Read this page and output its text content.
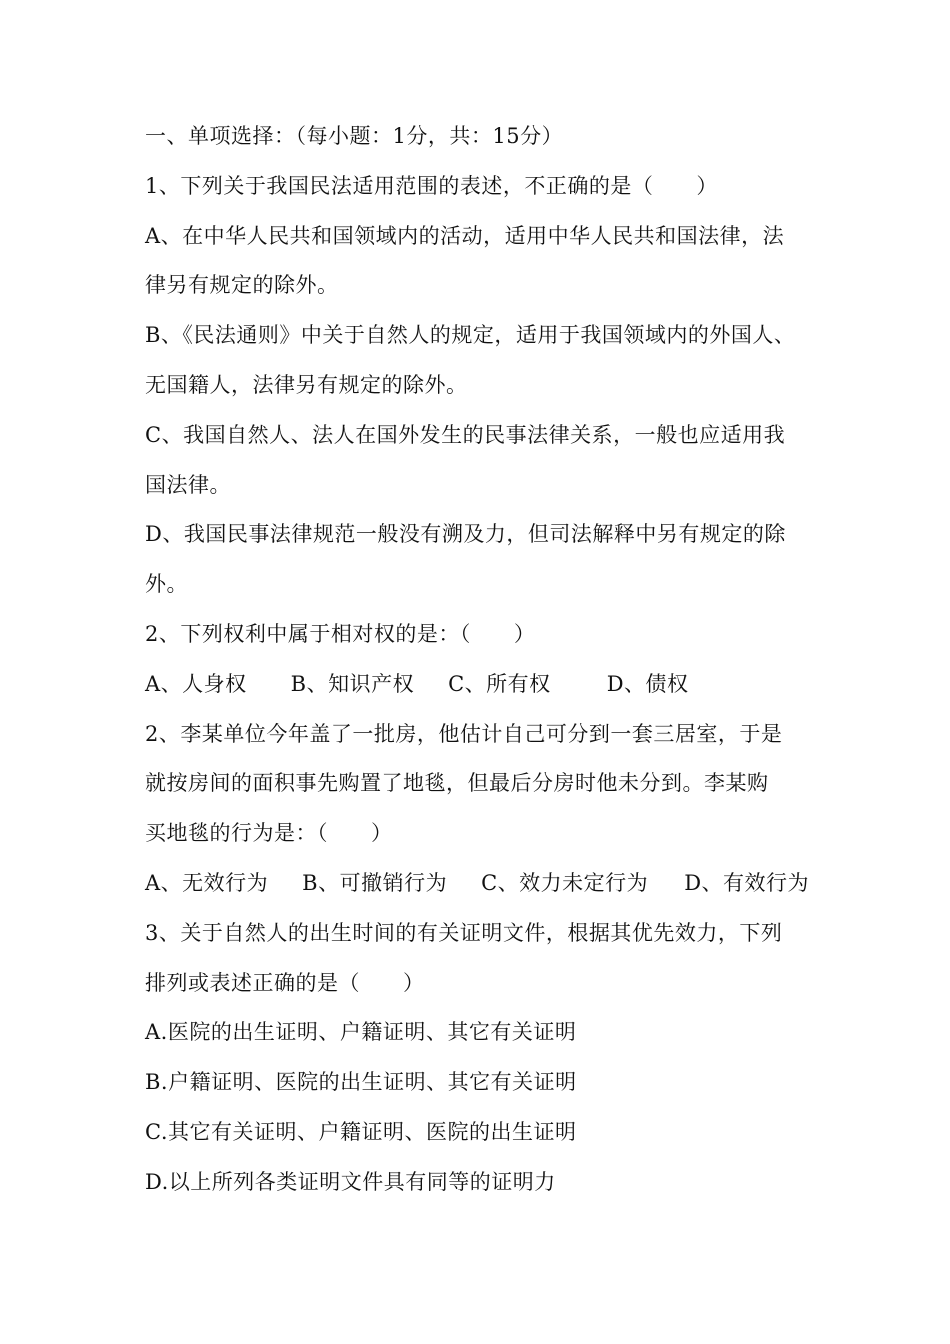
一、单项选择：（每小题：1分，共：15分）
1、下列关于我国民法适用范围的表述，不正确的是（　　）
A、在中华人民共和国领域内的活动，适用中华人民共和国法律，法
律另有规定的除外。
B、《民法通则》中关于自然人的规定，适用于我国领域内的外国人、
无国籍人，法律另有规定的除外。
C、我国自然人、法人在国外发生的民事法律关系，一般也应适用我
国法律。
D、我国民事法律规范一般没有溯及力，但司法解释中另有规定的除
外。
2、下列权利中属于相对权的是：（　　）
A、人身权 B、知识产权 C、所有权	D、债权
2、李某单位今年盖了一批房，他估计自己可分到一套三居室，于是
就按房间的面积事先购置了地毯，但最后分房时他未分到。李某购
买地毯的行为是：（　　）
A、无效行为 B、可撤销行为 C、效力未定行为 D、有效行为
3、关于自然人的出生时间的有关证明文件，根据其优先效力，下列
排列或表述正确的是（　　）
A.医院的出生证明、户籍证明、其它有关证明
B.户籍证明、医院的出生证明、其它有关证明
C.其它有关证明、户籍证明、医院的出生证明
D.以上所列各类证明文件具有同等的证明力
